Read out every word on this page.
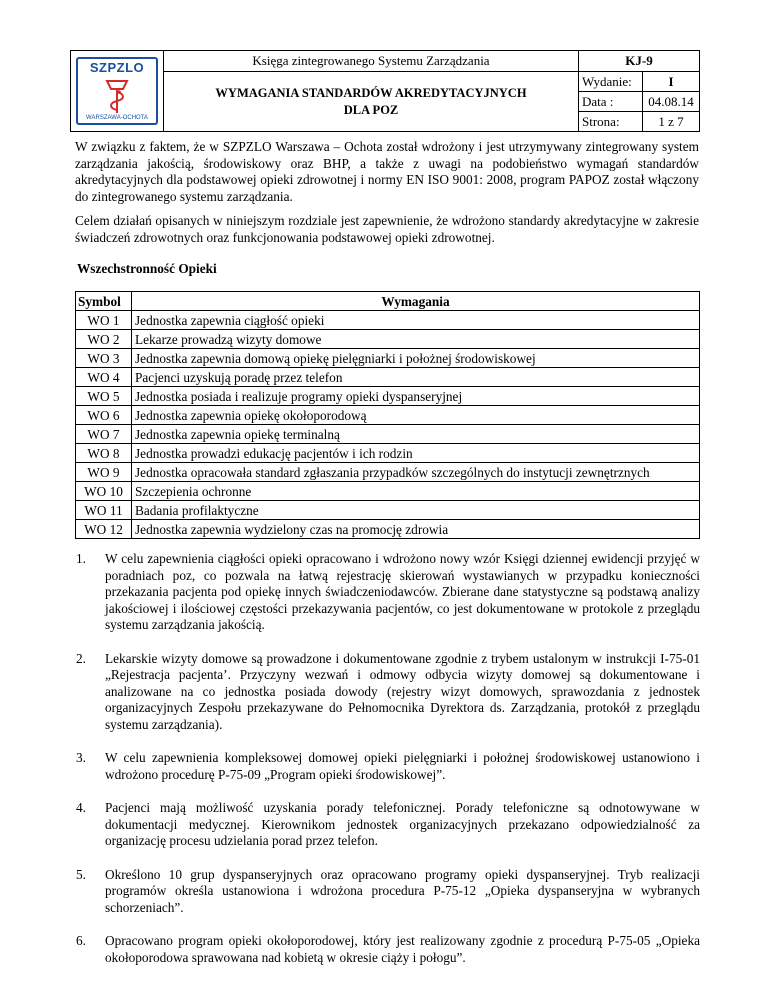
SZPZLO
WARSZAWA-OCHOTA	Księga zintegrowanego Systemu Zarządzania	KJ-9	
	WYMAGANIA STANDARDÓW AKREDYTACYJNYCH
DLA POZ	Wydanie:	I
		Data :	04.08.14
		Strona:	1 z 7

W związku z faktem, że w SZPZLO Warszawa – Ochota został wdrożony i jest utrzymywany zintegrowany system zarządzania jakością, środowiskowy oraz BHP, a także z uwagi na podobieństwo wymagań standardów akredytacyjnych dla podstawowej opieki zdrowotnej i normy EN ISO 9001: 2008, program PAPOZ został włączony do zintegrowanego systemu zarządzania.

Celem działań opisanych w niniejszym rozdziale jest zapewnienie, że wdrożono standardy akredytacyjne w zakresie świadczeń zdrowotnych oraz funkcjonowania podstawowej opieki zdrowotnej.

Wszechstronność Opieki

Symbol	Wymagania
WO 1	Jednostka zapewnia ciągłość opieki
WO 2	Lekarze prowadzą wizyty domowe
WO 3	Jednostka zapewnia domową opiekę pielęgniarki i położnej środowiskowej
WO 4	Pacjenci uzyskują poradę przez telefon
WO 5	Jednostka posiada i realizuje programy opieki dyspanseryjnej
WO 6	Jednostka zapewnia opiekę okołoporodową
WO 7	Jednostka zapewnia opiekę terminalną
WO 8	Jednostka prowadzi edukację pacjentów i ich rodzin
WO 9	Jednostka opracowała standard zgłaszania przypadków szczególnych do instytucji zewnętrznych
WO 10	Szczepienia ochronne
WO 11	Badania profilaktyczne
WO 12	Jednostka zapewnia wydzielony czas na promocję zdrowia
1. W celu zapewnienia ciągłości opieki opracowano i wdrożono nowy wzór Księgi dziennej ewidencji przyjęć w poradniach poz, co pozwala na łatwą rejestrację skierowań wystawianych w przypadku konieczności przekazania pacjenta pod opiekę innych świadczeniodawców. Zbierane dane statystyczne są podstawą analizy jakościowej i ilościowej częstości przekazywania pacjentów, co jest dokumentowane w protokole z przeglądu systemu zarządzania jakością.
2. Lekarskie wizyty domowe są prowadzone i dokumentowane zgodnie z trybem ustalonym w instrukcji I-75-01 „Rejestracja pacjenta’. Przyczyny wezwań i odmowy odbycia wizyty domowej są dokumentowane i analizowane na co jednostka posiada dowody (rejestry wizyt domowych, sprawozdania z jednostek organizacyjnych Zespołu przekazywane do Pełnomocnika Dyrektora ds. Zarządzania, protokół z przeglądu systemu zarządzania).
3. W celu zapewnienia kompleksowej domowej opieki pielęgniarki i położnej środowiskowej ustanowiono i wdrożono procedurę P-75-09 „Program opieki środowiskowej”.
4. Pacjenci mają możliwość uzyskania porady telefonicznej. Porady telefoniczne są odnotowywane w dokumentacji medycznej. Kierownikom jednostek organizacyjnych przekazano odpowiedzialność za organizację procesu udzielania porad przez telefon.
5. Określono 10 grup dyspanseryjnych oraz opracowano programy opieki dyspanseryjnej. Tryb realizacji programów określa ustanowiona i wdrożona procedura P-75-12 „Opieka dyspanseryjna w wybranych schorzeniach”.
6. Opracowano program opieki okołoporodowej, który jest realizowany zgodnie z procedurą P-75-05 „Opieka okołoporodowa sprawowana nad kobietą w okresie ciąży i połogu”.
